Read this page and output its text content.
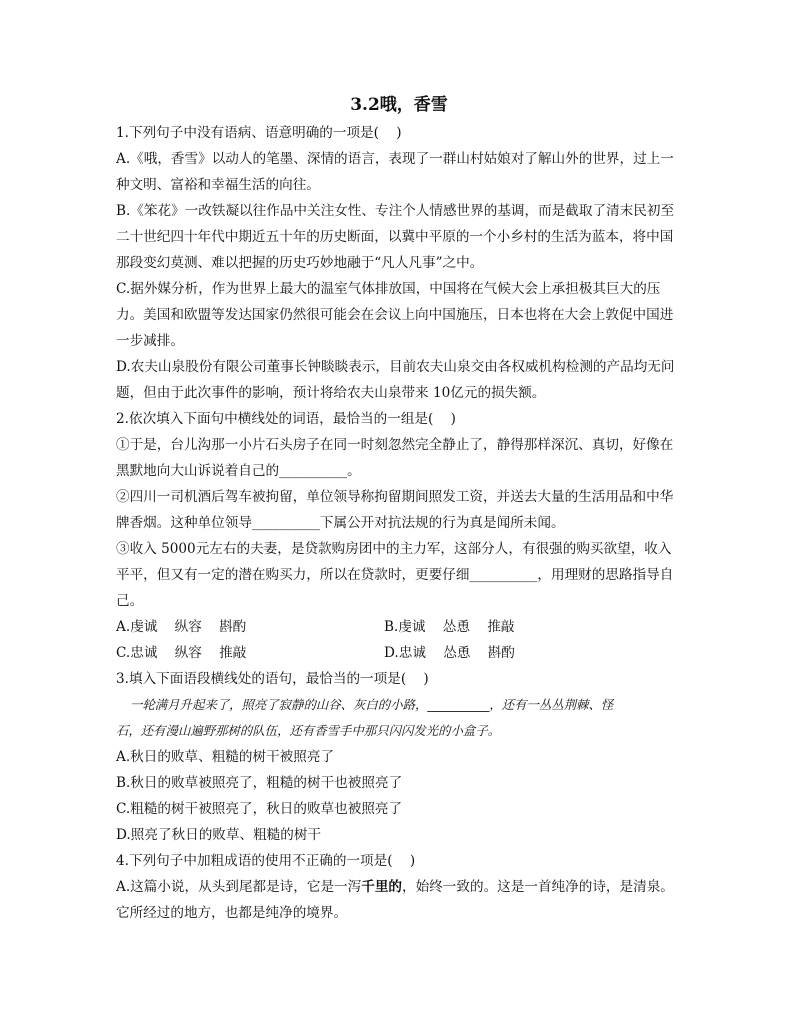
3.2哦，香雪
1.下列句子中没有语病、语意明确的一项是(    )
A.《哦，香雪》以动人的笔墨、深情的语言，表现了一群山村姑娘对了解山外的世界，过上一
种文明、富裕和幸福生活的向往。
B.《笨花》一改铁凝以往作品中关注女性、专注个人情感世界的基调，而是截取了清末民初至
二十世纪四十年代中期近五十年的历史断面，以冀中平原的一个小乡村的生活为蓝本，将中国
那段变幻莫测、难以把握的历史巧妙地融于“凡人凡事”之中。
C.据外媒分析，作为世界上最大的温室气体排放国，中国将在气候大会上承担极其巨大的压
力。美国和欧盟等发达国家仍然很可能会在会议上向中国施压，日本也将在大会上敦促中国进
一步减排。
D.农夫山泉股份有限公司董事长钟睒睒表示，目前农夫山泉交由各权威机构检测的产品均无问
题，但由于此次事件的影响，预计将给农夫山泉带来 10亿元的损失额。
2.依次填入下面句中横线处的词语，最恰当的一组是(    )
①于是，台儿沟那一小片石头房子在同一时刻忽然完全静止了，静得那样深沉、真切，好像在
黑默地向大山诉说着自己的__________。
②四川一司机酒后驾车被拘留，单位领导称拘留期间照发工资，并送去大量的生活用品和中华
牌香烟。这种单位领导__________下属公开对抗法规的行为真是闻所未闻。
③收入 5000元左右的夫妻，是贷款购房团中的主力军，这部分人，有很强的购买欲望，收入
平平，但又有一定的潜在购买力，所以在贷款时，更要仔细__________，用理财的思路指导自
己。
A.虔诚    纵容    斟酌	B.虔诚    怂恿    推敲
C.忠诚    纵容    推敲	D.忠诚    怂恿    斟酌
3.填入下面语段横线处的语句，最恰当的一项是(    )
一轮满月升起来了，照亮了寂静的山谷、灰白的小路，__________，还有一丛丛荆棘、怪
石，还有漫山遍野那树的队伍，还有香雪手中那只闪闪发光的小盒子。
A.秋日的败草、粗糙的树干被照亮了
B.秋日的败草被照亮了，粗糙的树干也被照亮了
C.粗糙的树干被照亮了，秋日的败草也被照亮了
D.照亮了秋日的败草、粗糙的树干
4.下列句子中加粗成语的使用不正确的一项是(    )
A.这篇小说，从头到尾都是诗，它是一泻千里的，始终一致的。这是一首纯净的诗，是清泉。
它所经过的地方，也都是纯净的境界。
